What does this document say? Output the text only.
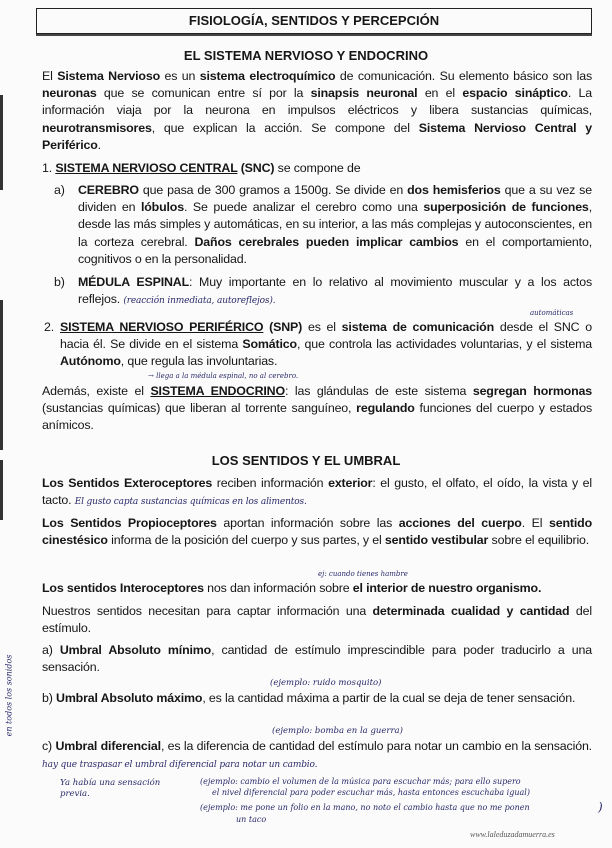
FISIOLOGÍA, SENTIDOS Y PERCEPCIÓN
EL SISTEMA NERVIOSO Y ENDOCRINO
El Sistema Nervioso es un sistema electroquímico de comunicación. Su elemento básico son las neuronas que se comunican entre sí por la sinapsis neuronal en el espacio sináptico. La información viaja por la neurona en impulsos eléctricos y libera sustancias químicas, neurotransmisores, que explican la acción. Se compone del Sistema Nervioso Central y Periférico.
1. SISTEMA NERVIOSO CENTRAL (SNC) se compone de
a) CEREBRO que pasa de 300 gramos a 1500g. Se divide en dos hemisferios que a su vez se dividen en lóbulos. Se puede analizar el cerebro como una superposición de funciones, desde las más simples y automáticas, en su interior, a las más complejas y autoconscientes, en la corteza cerebral. Daños cerebrales pueden implicar cambios en el comportamiento, cognitivos o en la personalidad.
b) MÉDULA ESPINAL: Muy importante en lo relativo al movimiento muscular y a los actos reflejos. (reacción inmediata, autoreflejos).
automáticas
2. SISTEMA NERVIOSO PERIFÉRICO (SNP) es el sistema de comunicación desde el SNC o hacia él. Se divide en el sistema Somático, que controla las actividades voluntarias, y el sistema Autónomo, que regula las involuntarias.
→ llega a la médula espinal, no al cerebro.
Además, existe el SISTEMA ENDOCRINO: las glándulas de este sistema segregan hormonas (sustancias químicas) que liberan al torrente sanguíneo, regulando funciones del cuerpo y estados anímicos.
LOS SENTIDOS Y EL UMBRAL
Los Sentidos Exteroceptores reciben información exterior: el gusto, el olfato, el oído, la vista y el tacto. El gusto capta sustancias químicas en los alimentos.
Los Sentidos Propioceptores aportan información sobre las acciones del cuerpo. El sentido cinestésico informa de la posición del cuerpo y sus partes, y el sentido vestibular sobre el equilibrio.
ej: cuando tienes hambre
Los sentidos Interoceptores nos dan información sobre el interior de nuestro organismo.
Nuestros sentidos necesitan para captar información una determinada cualidad y cantidad del estímulo.
a) Umbral Absoluto mínimo, cantidad de estímulo imprescindible para poder traducirlo a una sensación.
(ejemplo: ruido mosquito)
b) Umbral Absoluto máximo, es la cantidad máxima a partir de la cual se deja de tener sensación.
(ejemplo: bomba en la guerra)
c) Umbral diferencial, es la diferencia de cantidad del estímulo para notar un cambio en la sensación. hay que traspasar el umbral diferencial para notar un cambio.
Ya había una sensación previa.
(ejemplo: cambio el volumen de la música para escuchar más; para ello supero
el nivel diferencial para poder escuchar más, hasta entonces escuchaba igual)
(ejemplo: me pone un folio en la mano, no noto el cambio hasta que no me ponen	)
un taco
en todos los sonidos
www.laleduzadamuerra.es
